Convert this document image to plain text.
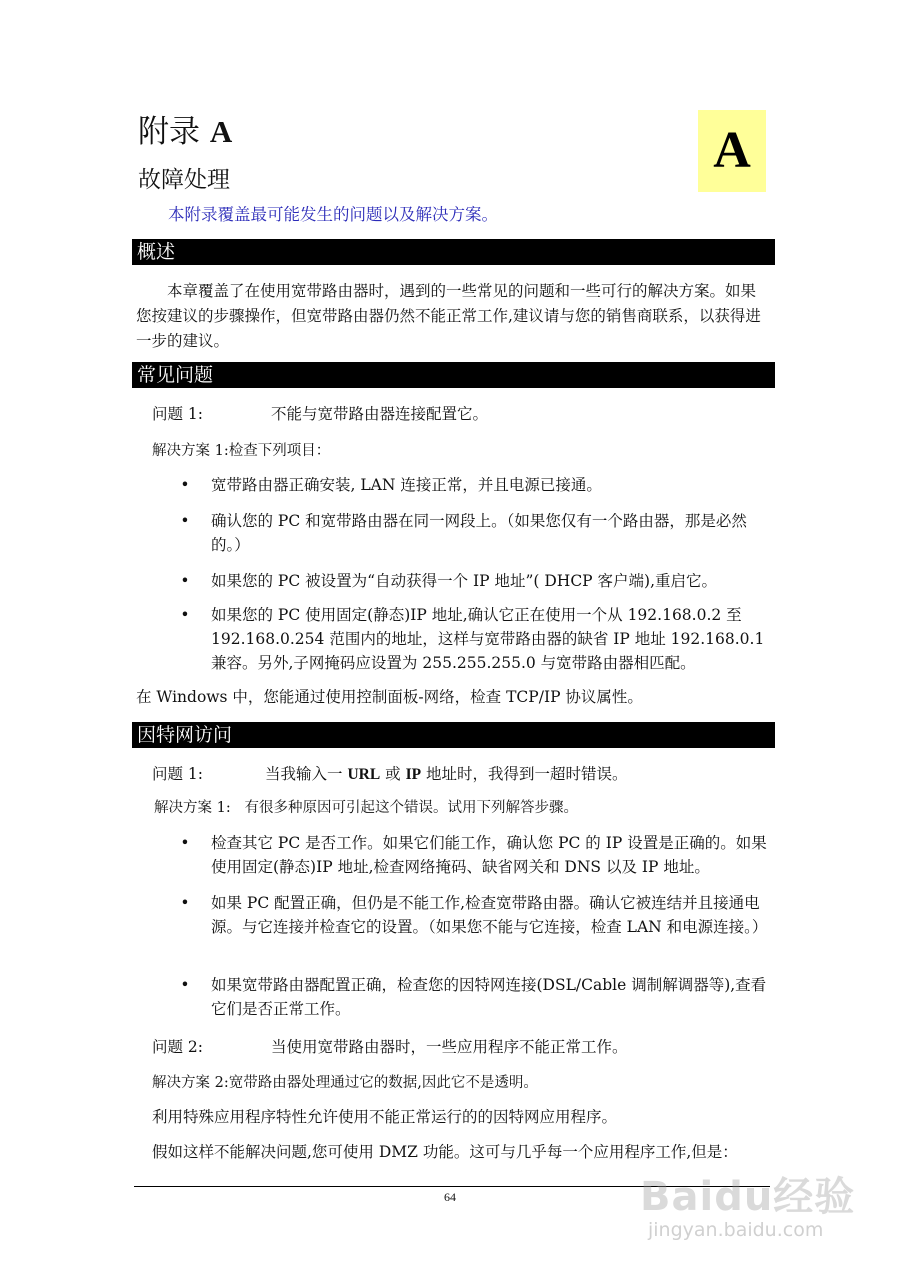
附录 A
故障处理
A
本附录覆盖最可能发生的问题以及解决方案。
概述
本章覆盖了在使用宽带路由器时，遇到的一些常见的问题和一些可行的解决方案。如果您按建议的步骤操作，但宽带路由器仍然不能正常工作,建议请与您的销售商联系，以获得进一步的建议。
常见问题
问题 1:	不能与宽带路由器连接配置它。
解决方案 1:检查下列项目：
• 宽带路由器正确安装, LAN 连接正常，并且电源已接通。
• 确认您的 PC 和宽带路由器在同一网段上。（如果您仅有一个路由器，那是必然的。）
• 如果您的 PC 被设置为“自动获得一个 IP 地址”( DHCP 客户端),重启它。
• 如果您的 PC 使用固定(静态)IP 地址,确认它正在使用一个从 192.168.0.2 至 192.168.0.254 范围内的地址，这样与宽带路由器的缺省 IP 地址 192.168.0.1 兼容。另外,子网掩码应设置为 255.255.255.0 与宽带路由器相匹配。
在 Windows 中，您能通过使用控制面板-网络，检查 TCP/IP 协议属性。
因特网访问
问题 1:	当我输入一 URL 或 IP 地址时，我得到一超时错误。
解决方案 1:   有很多种原因可引起这个错误。试用下列解答步骤。
• 检查其它 PC 是否工作。如果它们能工作，确认您 PC 的 IP 设置是正确的。如果使用固定(静态)IP 地址,检查网络掩码、缺省网关和 DNS 以及 IP 地址。
• 如果 PC 配置正确，但仍是不能工作,检查宽带路由器。确认它被连结并且接通电源。与它连接并检查它的设置。（如果您不能与它连接，检查 LAN 和电源连接。）
• 如果宽带路由器配置正确，检查您的因特网连接(DSL/Cable 调制解调器等),查看它们是否正常工作。
问题 2:	当使用宽带路由器时，一些应用程序不能正常工作。
解决方案 2:宽带路由器处理通过它的数据,因此它不是透明。
利用特殊应用程序特性允许使用不能正常运行的的因特网应用程序。
假如这样不能解决问题,您可使用 DMZ 功能。这可与几乎每一个应用程序工作,但是：
64	Baidu经验
jingyan.baidu.com
